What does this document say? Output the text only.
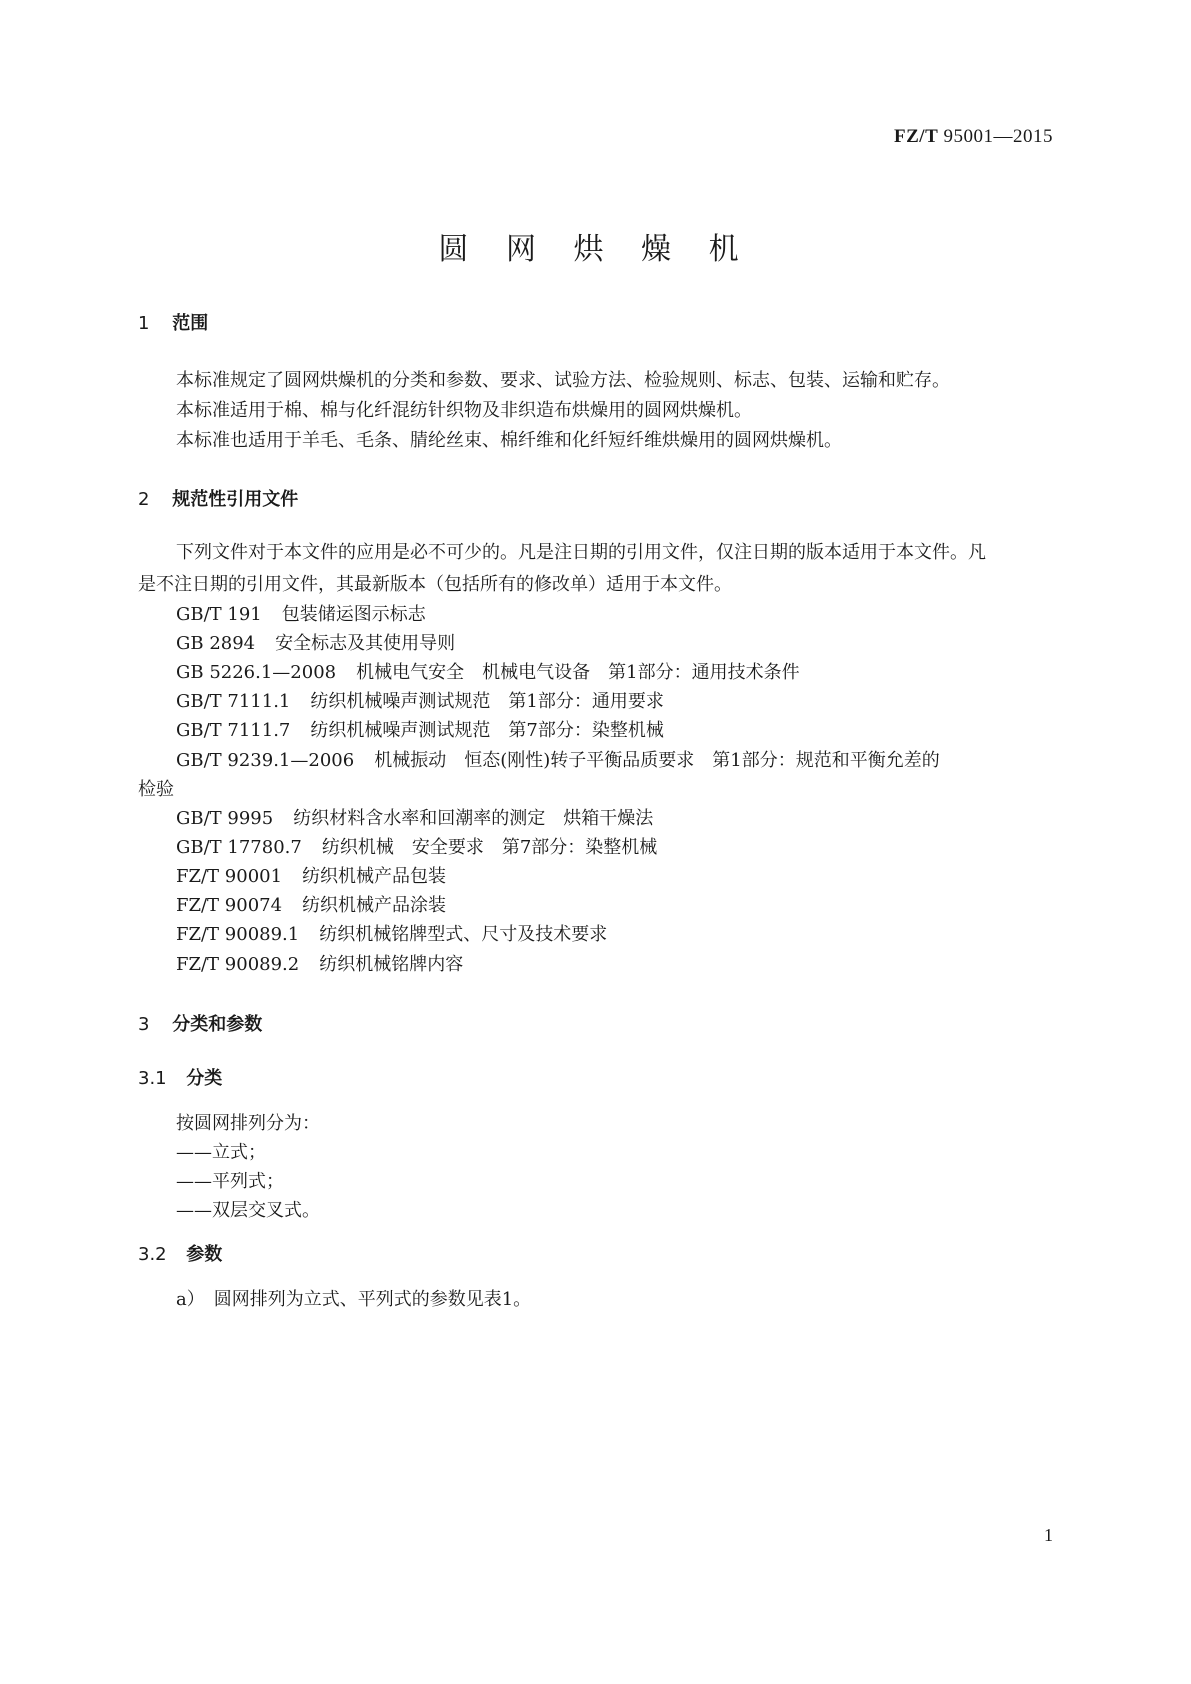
FZ/T 95001—2015
圆 网 烘 燥 机
1 范围
本标准规定了圆网烘燥机的分类和参数、要求、试验方法、检验规则、标志、包装、运输和贮存。
本标准适用于棉、棉与化纤混纺针织物及非织造布烘燥用的圆网烘燥机。
本标准也适用于羊毛、毛条、腈纶丝束、棉纤维和化纤短纤维烘燥用的圆网烘燥机。
2 规范性引用文件
下列文件对于本文件的应用是必不可少的。凡是注日期的引用文件，仅注日期的版本适用于本文件。凡是不注日期的引用文件，其最新版本（包括所有的修改单）适用于本文件。
GB/T 191 包装储运图示标志
GB 2894 安全标志及其使用导则
GB 5226.1—2008 机械电气安全　机械电气设备　第1部分：通用技术条件
GB/T 7111.1 纺织机械噪声测试规范　第1部分：通用要求
GB/T 7111.7 纺织机械噪声测试规范　第7部分：染整机械
GB/T 9239.1—2006 机械振动　恒态(刚性)转子平衡品质要求　第1部分：规范和平衡允差的
检验
GB/T 9995 纺织材料含水率和回潮率的测定　烘箱干燥法
GB/T 17780.7 纺织机械　安全要求　第7部分：染整机械
FZ/T 90001 纺织机械产品包装
FZ/T 90074 纺织机械产品涂装
FZ/T 90089.1 纺织机械铭牌型式、尺寸及技术要求
FZ/T 90089.2 纺织机械铭牌内容
3 分类和参数
3.1 分类
按圆网排列分为：
——立式；
——平列式；
——双层交叉式。
3.2 参数
a）　圆网排列为立式、平列式的参数见表1。
1
